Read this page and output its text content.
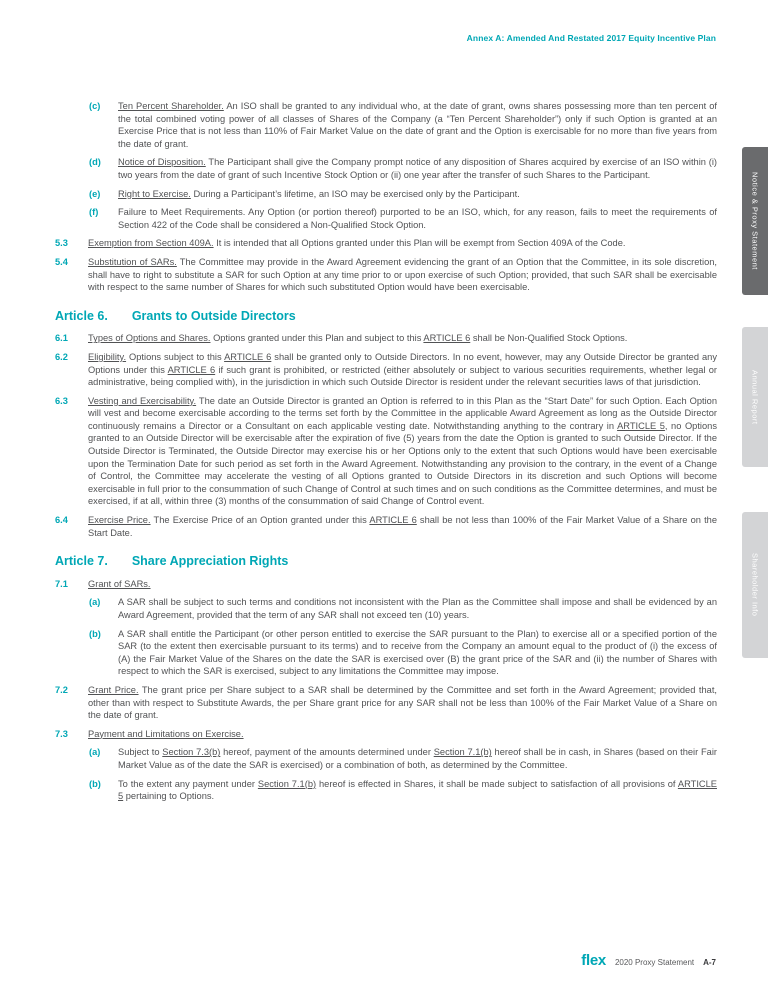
Annex A: Amended And Restated 2017 Equity Incentive Plan
(c)	Ten Percent Shareholder. An ISO shall be granted to any individual who, at the date of grant, owns shares possessing more than ten percent of the total combined voting power of all classes of Shares of the Company (a “Ten Percent Shareholder”) only if such Option is granted at an Exercise Price that is not less than 110% of Fair Market Value on the date of grant and the Option is exercisable for no more than five years from the date of grant.
(d)	Notice of Disposition. The Participant shall give the Company prompt notice of any disposition of Shares acquired by exercise of an ISO within (i) two years from the date of grant of such Incentive Stock Option or (ii) one year after the transfer of such Shares to the Participant.
(e)	Right to Exercise. During a Participant’s lifetime, an ISO may be exercised only by the Participant.
(f)	Failure to Meet Requirements. Any Option (or portion thereof) purported to be an ISO, which, for any reason, fails to meet the requirements of Section 422 of the Code shall be considered a Non-Qualified Stock Option.
5.3	Exemption from Section 409A. It is intended that all Options granted under this Plan will be exempt from Section 409A of the Code.
5.4	Substitution of SARs. The Committee may provide in the Award Agreement evidencing the grant of an Option that the Committee, in its sole discretion, shall have to right to substitute a SAR for such Option at any time prior to or upon exercise of such Option; provided, that such SAR shall be exercisable with respect to the same number of Shares for which such substituted Option would have been exercisable.
Article 6. Grants to Outside Directors
6.1	Types of Options and Shares. Options granted under this Plan and subject to this ARTICLE 6 shall be Non-Qualified Stock Options.
6.2	Eligibility. Options subject to this ARTICLE 6 shall be granted only to Outside Directors. In no event, however, may any Outside Director be granted any Options under this ARTICLE 6 if such grant is prohibited, or restricted (either absolutely or subject to various securities requirements, whether legal or administrative, being complied with), in the jurisdiction in which such Outside Director is resident under the relevant securities laws of that jurisdiction.
6.3	Vesting and Exercisability. The date an Outside Director is granted an Option is referred to in this Plan as the “Start Date” for such Option. Each Option will vest and become exercisable according to the terms set forth by the Committee in the applicable Award Agreement as long as the Outside Director continuously remains a Director or a Consultant on each applicable vesting date. Notwithstanding anything to the contrary in ARTICLE 5, no Options granted to an Outside Director will be exercisable after the expiration of five (5) years from the date the Option is granted to such Outside Director. If the Outside Director is Terminated, the Outside Director may exercise his or her Options only to the extent that such Options would have been exercisable upon the Termination Date for such period as set forth in the Award Agreement. Notwithstanding any provision to the contrary, in the event of a Change of Control, the Committee may accelerate the vesting of all Options granted to Outside Directors in its discretion and such Options will become exercisable in full prior to the consummation of such Change of Control at such times and on such conditions as the Committee determines, and must be exercised, if at all, within three (3) months of the consummation of said Change of Control event.
6.4	Exercise Price. The Exercise Price of an Option granted under this ARTICLE 6 shall be not less than 100% of the Fair Market Value of a Share on the Start Date.
Article 7. Share Appreciation Rights
7.1	Grant of SARs.
(a)	A SAR shall be subject to such terms and conditions not inconsistent with the Plan as the Committee shall impose and shall be evidenced by an Award Agreement, provided that the term of any SAR shall not exceed ten (10) years.
(b)	A SAR shall entitle the Participant (or other person entitled to exercise the SAR pursuant to the Plan) to exercise all or a specified portion of the SAR (to the extent then exercisable pursuant to its terms) and to receive from the Company an amount equal to the product of (i) the excess of (A) the Fair Market Value of the Shares on the date the SAR is exercised over (B) the grant price of the SAR and (ii) the number of Shares with respect to which the SAR is exercised, subject to any limitations the Committee may impose.
7.2	Grant Price. The grant price per Share subject to a SAR shall be determined by the Committee and set forth in the Award Agreement; provided that, other than with respect to Substitute Awards, the per Share grant price for any SAR shall not be less than 100% of the Fair Market Value of a Share on the date of grant.
7.3	Payment and Limitations on Exercise.
(a)	Subject to Section 7.3(b) hereof, payment of the amounts determined under Section 7.1(b) hereof shall be in cash, in Shares (based on their Fair Market Value as of the date the SAR is exercised) or a combination of both, as determined by the Committee.
(b)	To the extent any payment under Section 7.1(b) hereof is effected in Shares, it shall be made subject to satisfaction of all provisions of ARTICLE 5 pertaining to Options.
flex 2020 Proxy Statement A-7
Notice & Proxy Statement
Annual Report
Shareholder Info
